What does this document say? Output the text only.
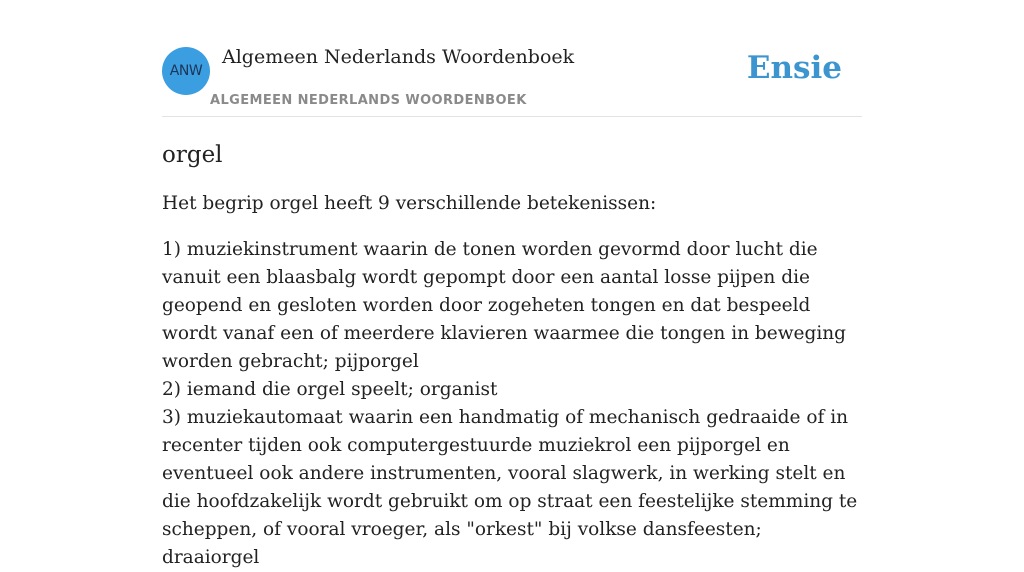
ANW
Algemeen Nederlands Woordenboek
ALGEMEEN NEDERLANDS WOORDENBOEK
Ensie
orgel

Het begrip orgel heeft 9 verschillende betekenissen:

1) muziekinstrument waarin de tonen worden gevormd door lucht die vanuit een blaasbalg wordt gepompt door een aantal losse pijpen die geopend en gesloten worden door zogeheten tongen en dat bespeeld wordt vanaf een of meerdere klavieren waarmee die tongen in beweging worden gebracht; pijporgel
2) iemand die orgel speelt; organist
3) muziekautomaat waarin een handmatig of mechanisch gedraaide of in recenter tijden ook computergestuurde muziekrol een pijporgel en eventueel ook andere instrumenten, vooral slagwerk, in werking stelt en die hoofdzakelijk wordt gebruikt om op straat een feestelijke stemming te scheppen, of vooral vroeger, als "orkest" bij volkse dansfeesten; draaiorgel
